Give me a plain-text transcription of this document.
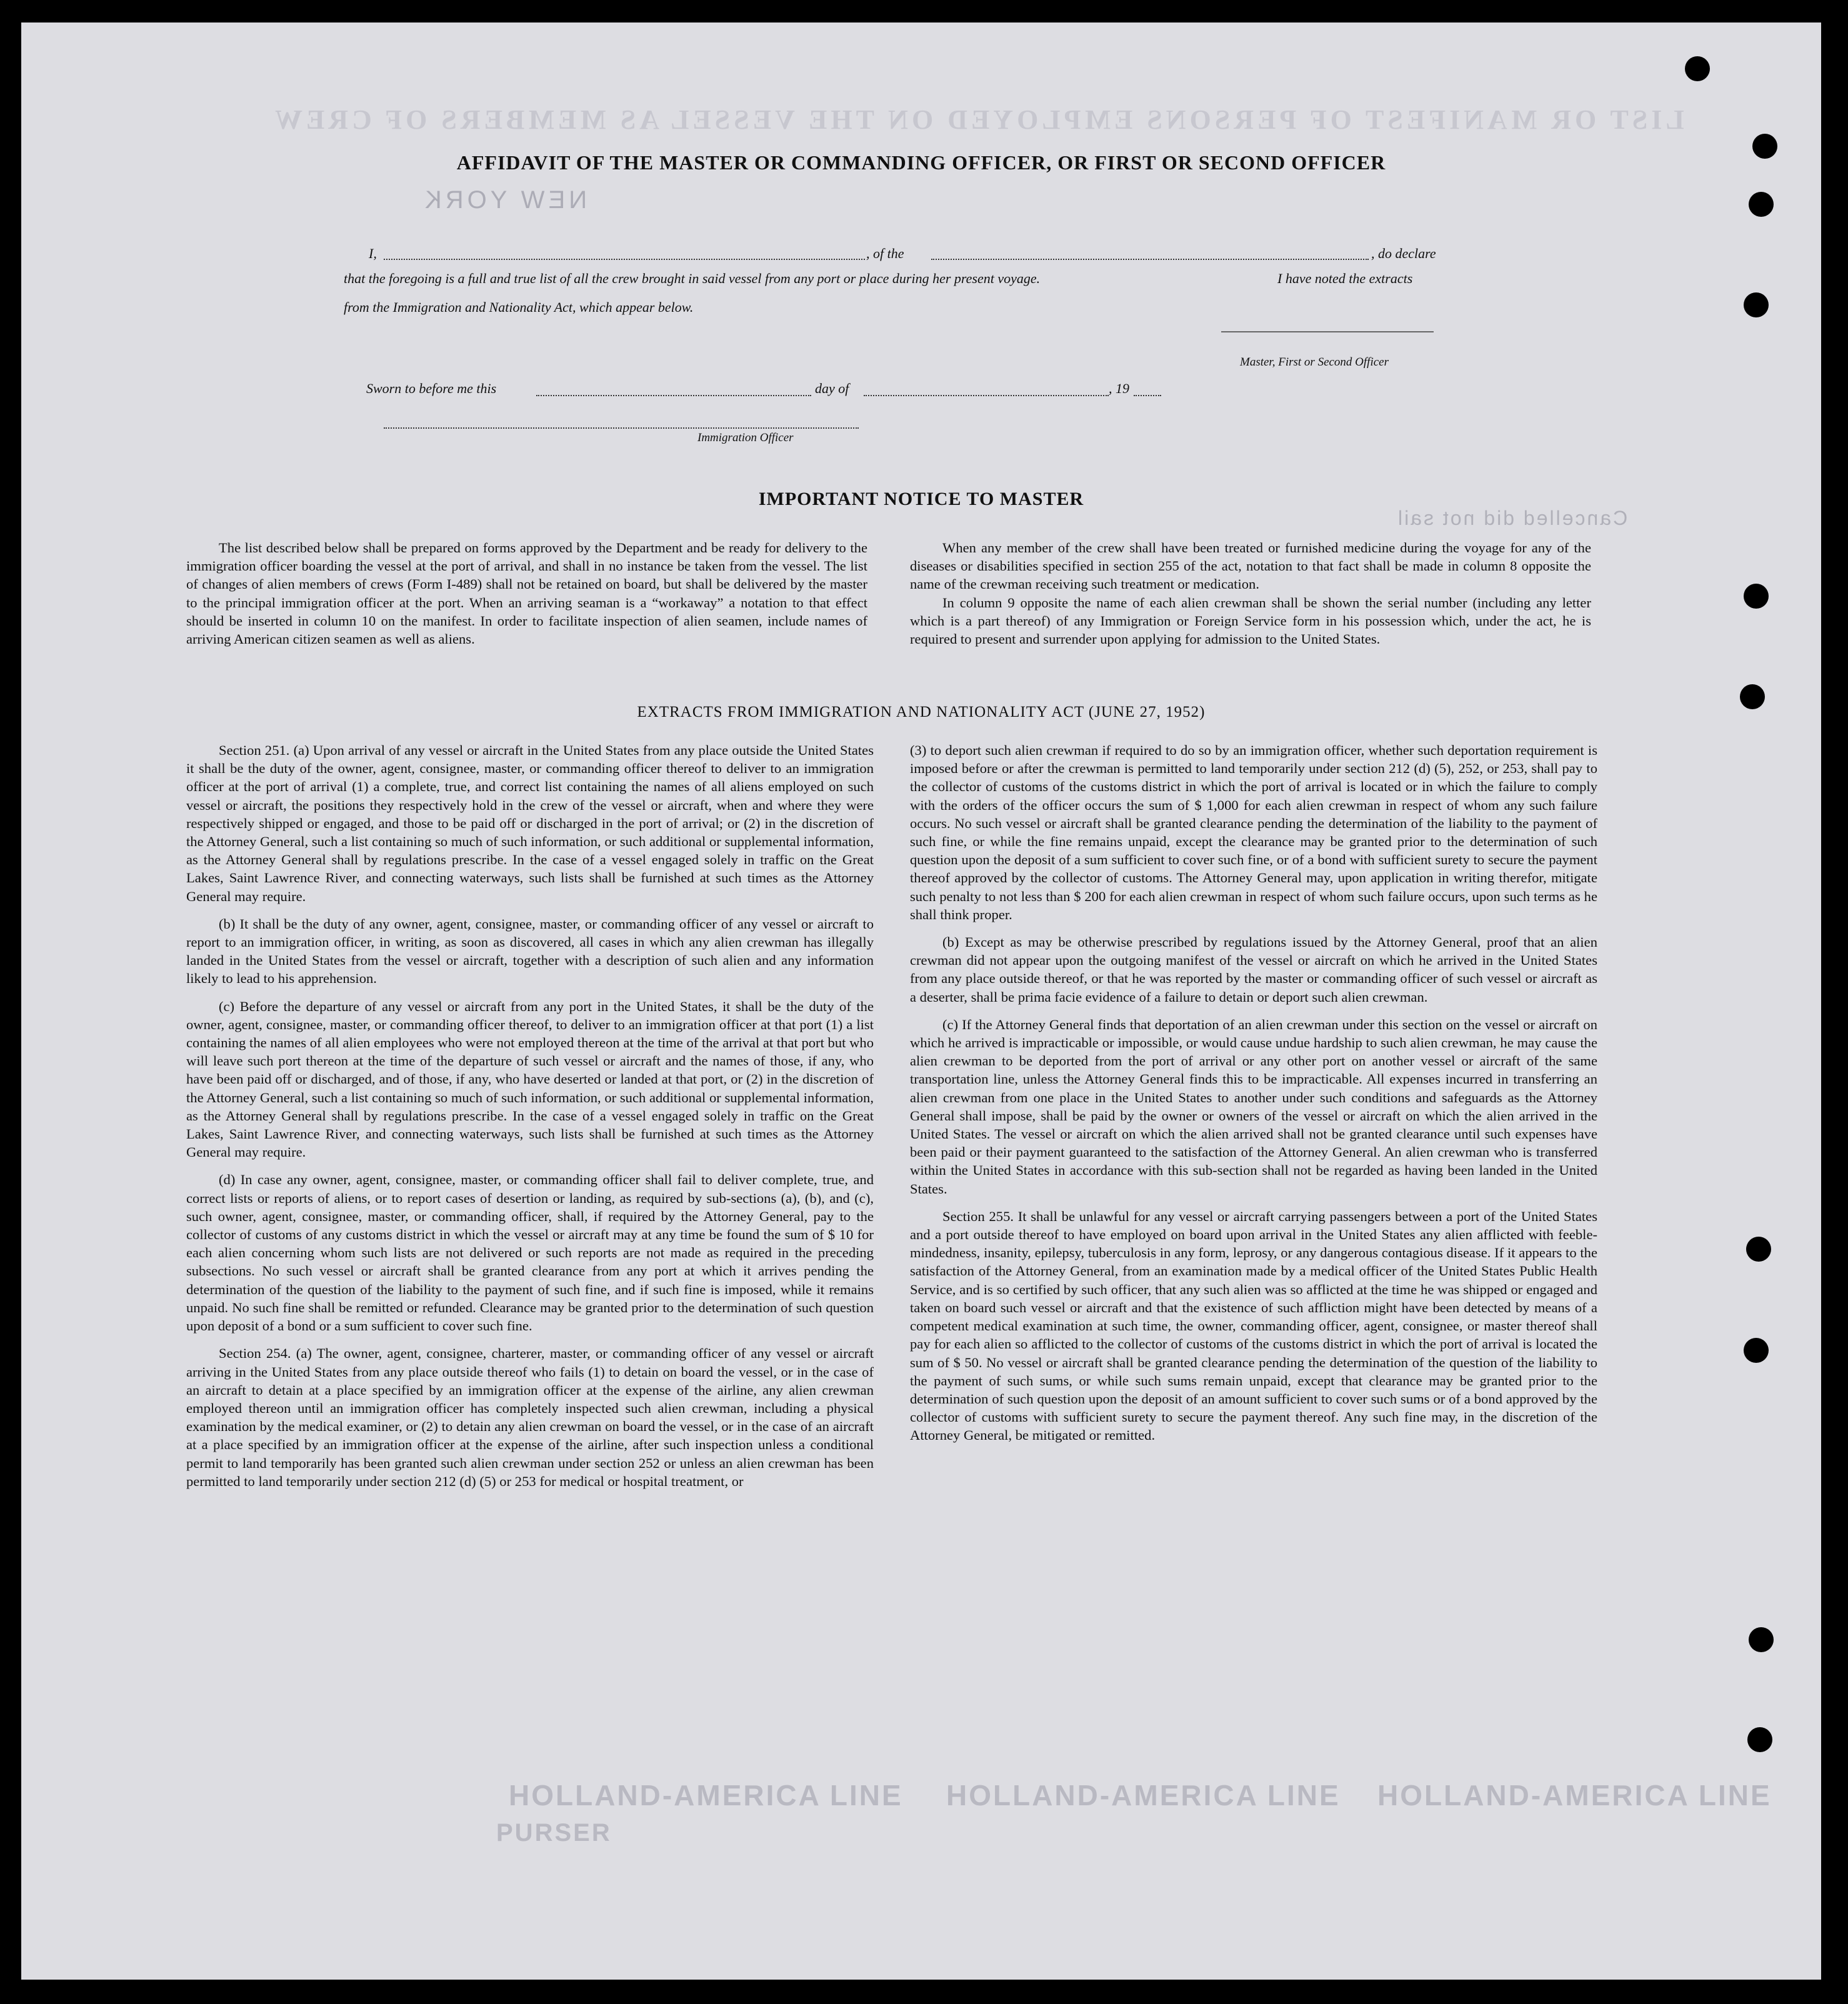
LIST OR MANIFEST OF PERSONS EMPLOYED ON THE VESSEL AS MEMBERS OF CREW
NEW YORK
Cancelled did not sail
HOLLAND-AMERICA LINE HOLLAND-AMERICA LINE HOLLAND-AMERICA LINE
PURSER
AFFIDAVIT OF THE MASTER OR COMMANDING OFFICER, OR FIRST OR SECOND OFFICER
I,	, of the	, do declare
that the foregoing is a full and true list of all the crew brought in said vessel from any port or place during her present voyage.	I have noted the extracts
from the Immigration and Nationality Act, which appear below.
Master, First or Second Officer
Sworn to before me this	day of	, 19
Immigration Officer
IMPORTANT NOTICE TO MASTER

The list described below shall be prepared on forms approved by the Department and be ready for delivery to the immigration officer boarding the vessel at the port of arrival, and shall in no instance be taken from the vessel. The list of changes of alien members of crews (Form I-489) shall not be retained on board, but shall be delivered by the master to the principal immigration officer at the port. When an arriving seaman is a “workaway” a notation to that effect should be inserted in column 10 on the manifest. In order to facilitate inspection of alien seamen, include names of arriving American citizen seamen as well as aliens.

When any member of the crew shall have been treated or furnished medicine during the voyage for any of the diseases or disabilities specified in section 255 of the act, notation to that fact shall be made in column 8 opposite the name of the crewman receiving such treatment or medication.

In column 9 opposite the name of each alien crewman shall be shown the serial number (including any letter which is a part thereof) of any Immigration or Foreign Service form in his possession which, under the act, he is required to present and surrender upon applying for admission to the United States.

EXTRACTS FROM IMMIGRATION AND NATIONALITY ACT (JUNE 27, 1952)

Section 251. (a) Upon arrival of any vessel or aircraft in the United States from any place outside the United States it shall be the duty of the owner, agent, consignee, master, or commanding officer thereof to deliver to an immigration officer at the port of arrival (1) a complete, true, and correct list containing the names of all aliens employed on such vessel or aircraft, the positions they respectively hold in the crew of the vessel or aircraft, when and where they were respectively shipped or engaged, and those to be paid off or discharged in the port of arrival; or (2) in the discretion of the Attorney General, such a list containing so much of such information, or such additional or supplemental information, as the Attorney General shall by regulations prescribe. In the case of a vessel engaged solely in traffic on the Great Lakes, Saint Lawrence River, and connecting waterways, such lists shall be furnished at such times as the Attorney General may require.

(b) It shall be the duty of any owner, agent, consignee, master, or commanding officer of any vessel or aircraft to report to an immigration officer, in writing, as soon as discovered, all cases in which any alien crewman has illegally landed in the United States from the vessel or aircraft, together with a description of such alien and any information likely to lead to his apprehension.

(c) Before the departure of any vessel or aircraft from any port in the United States, it shall be the duty of the owner, agent, consignee, master, or commanding officer thereof, to deliver to an immigration officer at that port (1) a list containing the names of all alien employees who were not employed thereon at the time of the arrival at that port but who will leave such port thereon at the time of the departure of such vessel or aircraft and the names of those, if any, who have been paid off or discharged, and of those, if any, who have deserted or landed at that port, or (2) in the discretion of the Attorney General, such a list containing so much of such information, or such additional or supplemental information, as the Attorney General shall by regulations prescribe. In the case of a vessel engaged solely in traffic on the Great Lakes, Saint Lawrence River, and connecting waterways, such lists shall be furnished at such times as the Attorney General may require.

(d) In case any owner, agent, consignee, master, or commanding officer shall fail to deliver complete, true, and correct lists or reports of aliens, or to report cases of desertion or landing, as required by sub-sections (a), (b), and (c), such owner, agent, consignee, master, or commanding officer, shall, if required by the Attorney General, pay to the collector of customs of any customs district in which the vessel or aircraft may at any time be found the sum of $ 10 for each alien concerning whom such lists are not delivered or such reports are not made as required in the preceding subsections. No such vessel or aircraft shall be granted clearance from any port at which it arrives pending the determination of the question of the liability to the payment of such fine, and if such fine is imposed, while it remains unpaid. No such fine shall be remitted or refunded. Clearance may be granted prior to the determination of such question upon deposit of a bond or a sum sufficient to cover such fine.

Section 254. (a) The owner, agent, consignee, charterer, master, or commanding officer of any vessel or aircraft arriving in the United States from any place outside thereof who fails (1) to detain on board the vessel, or in the case of an aircraft to detain at a place specified by an immigration officer at the expense of the airline, any alien crewman employed thereon until an immigration officer has completely inspected such alien crewman, including a physical examination by the medical examiner, or (2) to detain any alien crewman on board the vessel, or in the case of an aircraft at a place specified by an immigration officer at the expense of the airline, after such inspection unless a conditional permit to land temporarily has been granted such alien crewman under section 252 or unless an alien crewman has been permitted to land temporarily under section 212 (d) (5) or 253 for medical or hospital treatment, or

(3) to deport such alien crewman if required to do so by an immigration officer, whether such deportation requirement is imposed before or after the crewman is permitted to land temporarily under section 212 (d) (5), 252, or 253, shall pay to the collector of customs of the customs district in which the port of arrival is located or in which the failure to comply with the orders of the officer occurs the sum of $ 1,000 for each alien crewman in respect of whom any such failure occurs. No such vessel or aircraft shall be granted clearance pending the determination of the liability to the payment of such fine, or while the fine remains unpaid, except the clearance may be granted prior to the determination of such question upon the deposit of a sum sufficient to cover such fine, or of a bond with sufficient surety to secure the payment thereof approved by the collector of customs. The Attorney General may, upon application in writing therefor, mitigate such penalty to not less than $ 200 for each alien crewman in respect of whom such failure occurs, upon such terms as he shall think proper.

(b) Except as may be otherwise prescribed by regulations issued by the Attorney General, proof that an alien crewman did not appear upon the outgoing manifest of the vessel or aircraft on which he arrived in the United States from any place outside thereof, or that he was reported by the master or commanding officer of such vessel or aircraft as a deserter, shall be prima facie evidence of a failure to detain or deport such alien crewman.

(c) If the Attorney General finds that deportation of an alien crewman under this section on the vessel or aircraft on which he arrived is impracticable or impossible, or would cause undue hardship to such alien crewman, he may cause the alien crewman to be deported from the port of arrival or any other port on another vessel or aircraft of the same transportation line, unless the Attorney General finds this to be impracticable. All expenses incurred in transferring an alien crewman from one place in the United States to another under such conditions and safeguards as the Attorney General shall impose, shall be paid by the owner or owners of the vessel or aircraft on which the alien arrived in the United States. The vessel or aircraft on which the alien arrived shall not be granted clearance until such expenses have been paid or their payment guaranteed to the satisfaction of the Attorney General. An alien crewman who is transferred within the United States in accordance with this sub-section shall not be regarded as having been landed in the United States.

Section 255. It shall be unlawful for any vessel or aircraft carrying passengers between a port of the United States and a port outside thereof to have employed on board upon arrival in the United States any alien afflicted with feeble-mindedness, insanity, epilepsy, tuberculosis in any form, leprosy, or any dangerous contagious disease. If it appears to the satisfaction of the Attorney General, from an examination made by a medical officer of the United States Public Health Service, and is so certified by such officer, that any such alien was so afflicted at the time he was shipped or engaged and taken on board such vessel or aircraft and that the existence of such affliction might have been detected by means of a competent medical examination at such time, the owner, commanding officer, agent, consignee, or master thereof shall pay for each alien so afflicted to the collector of customs of the customs district in which the port of arrival is located the sum of $ 50. No vessel or aircraft shall be granted clearance pending the determination of the question of the liability to the payment of such sums, or while such sums remain unpaid, except that clearance may be granted prior to the determination of such question upon the deposit of an amount sufficient to cover such sums or of a bond approved by the collector of customs with sufficient surety to secure the payment thereof. Any such fine may, in the discretion of the Attorney General, be mitigated or remitted.
